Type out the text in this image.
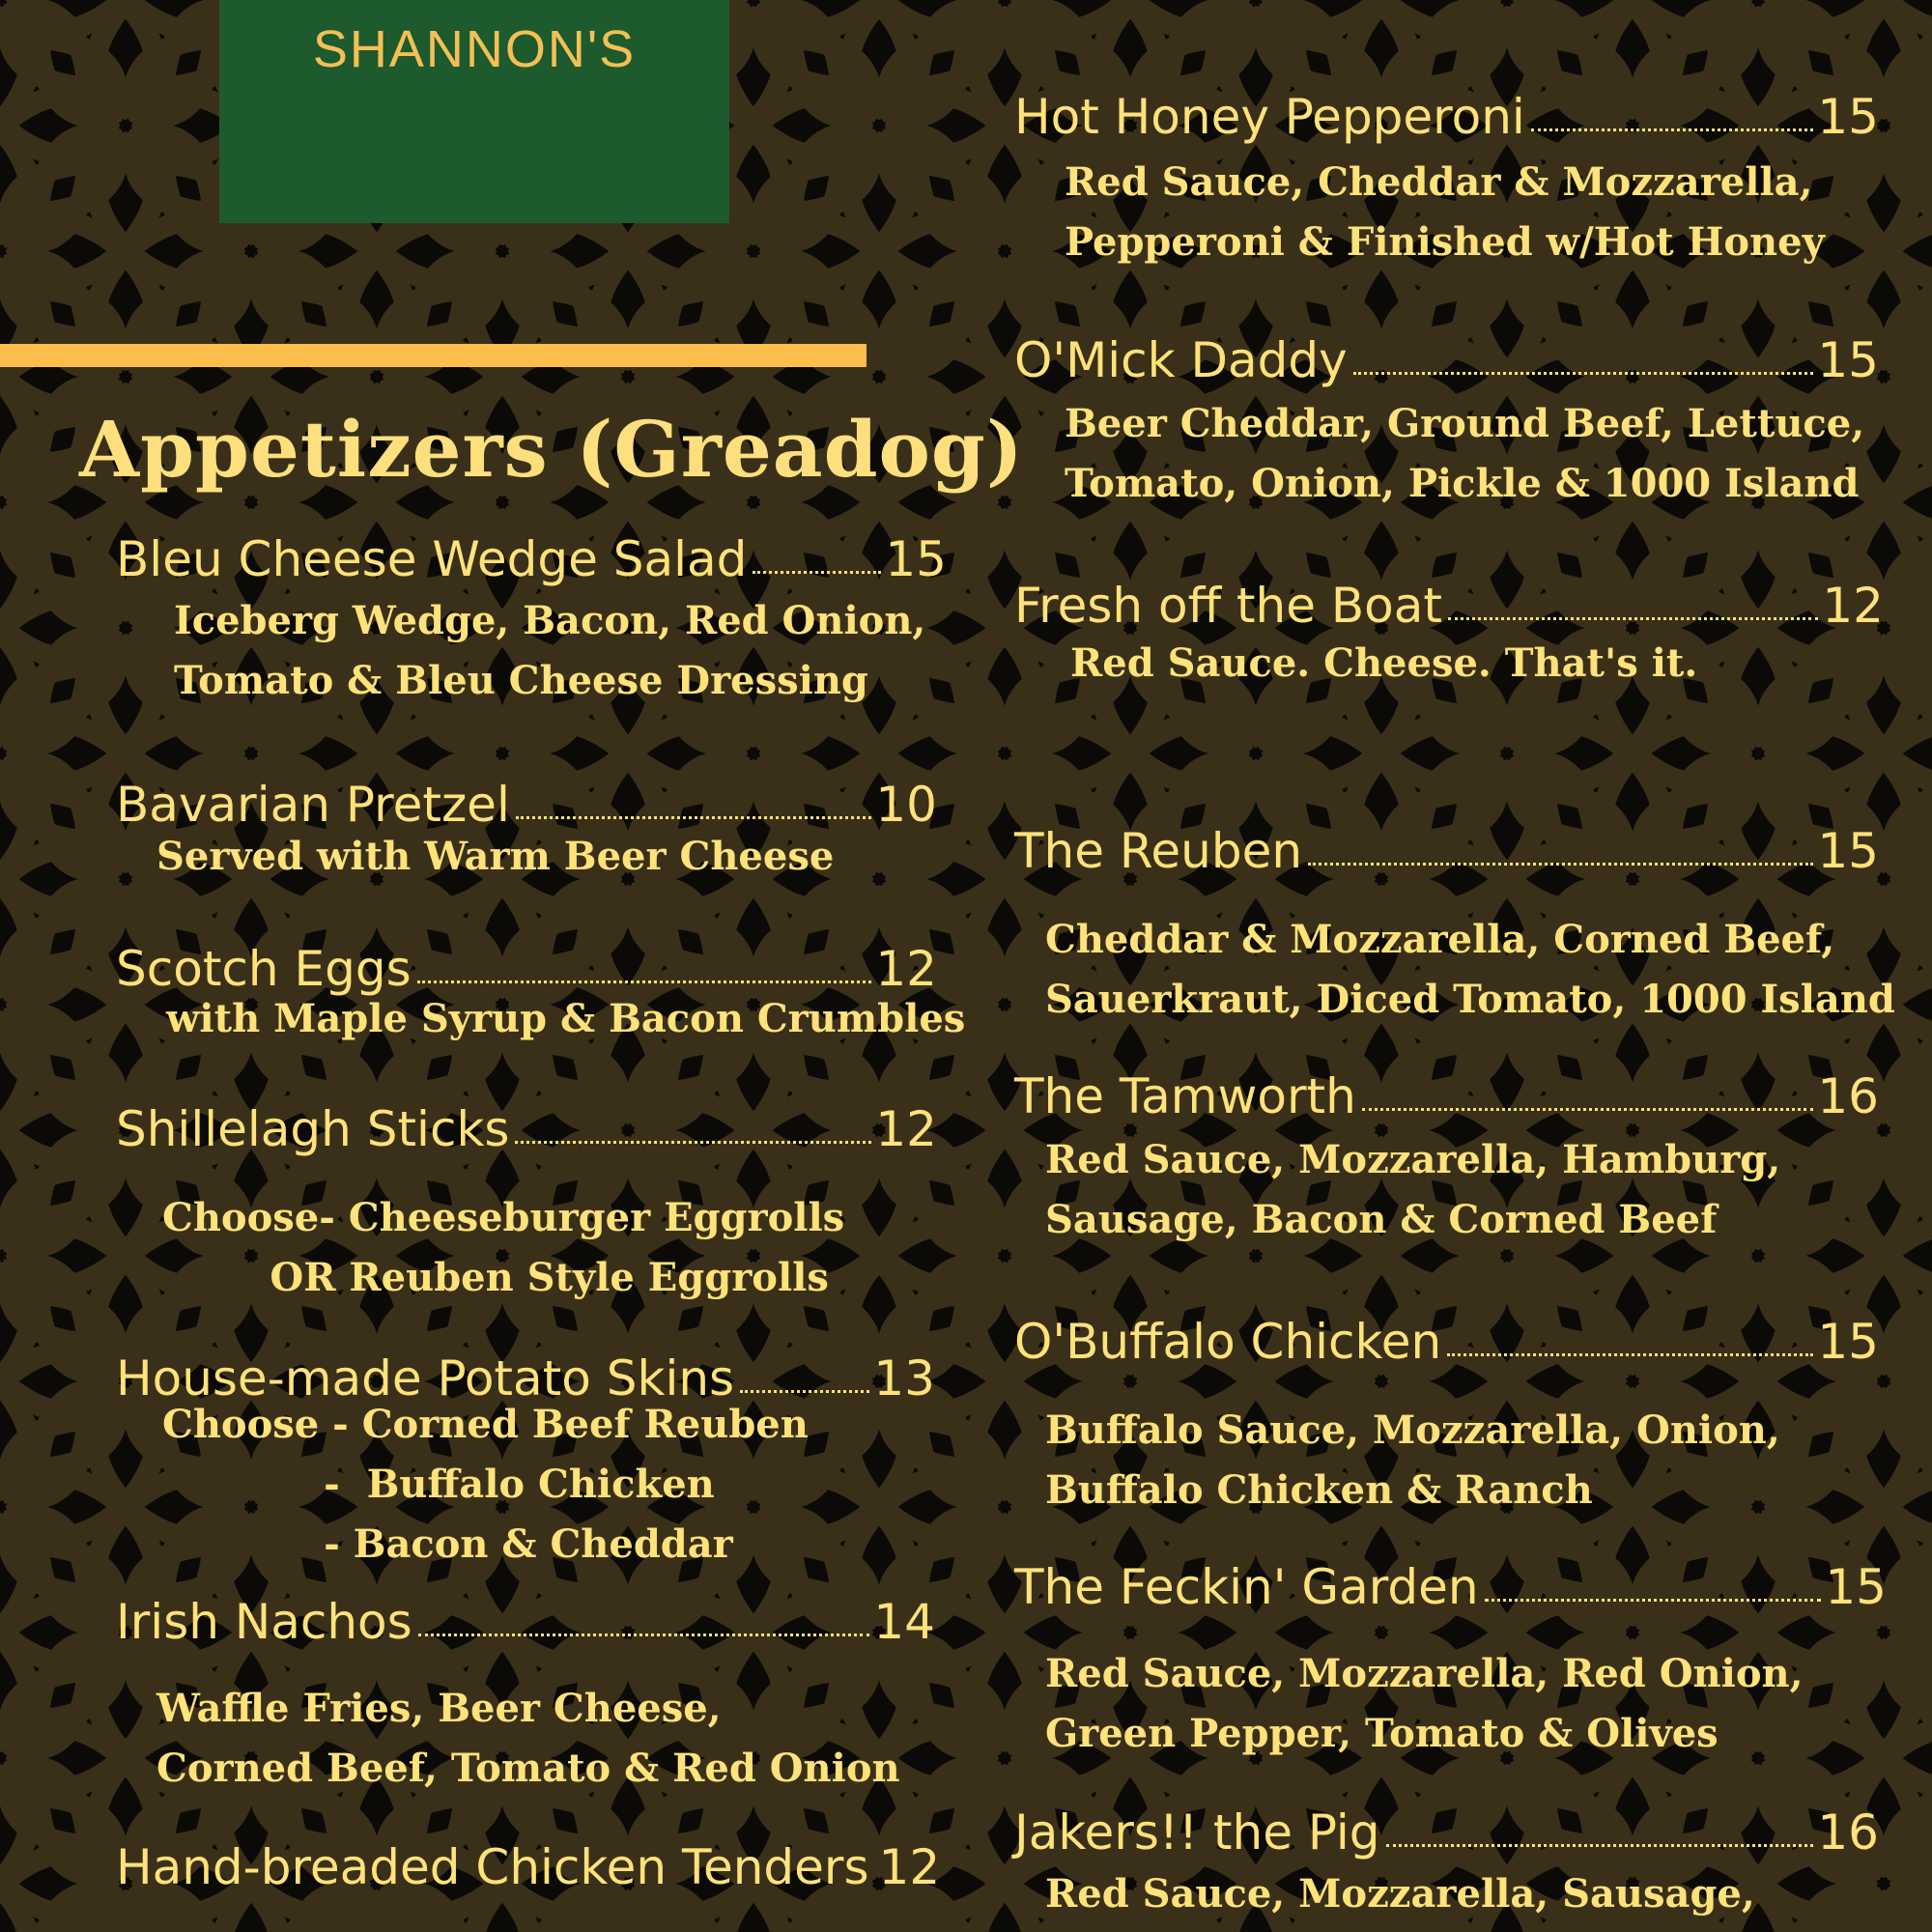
SHANNON'S
Appetizers (Greadog)
Bleu Cheese Wedge Salad	15
Iceberg Wedge, Bacon, Red Onion,
Tomato & Bleu Cheese Dressing
Bavarian Pretzel	10
Served with Warm Beer Cheese
Scotch Eggs	12
with Maple Syrup & Bacon Crumbles
Shillelagh Sticks	12
Choose- Cheeseburger Eggrolls
OR Reuben Style Eggrolls
House-made Potato Skins	13
Choose - Corned Beef Reuben
-  Buffalo Chicken
- Bacon & Cheddar
Irish Nachos	14
Waffle Fries, Beer Cheese,
Corned Beef, Tomato & Red Onion
Hand-breaded Chicken Tenders 12
Hot Honey Pepperoni	15
Red Sauce, Cheddar & Mozzarella,
Pepperoni & Finished w/Hot Honey
O'Mick Daddy	15
Beer Cheddar, Ground Beef, Lettuce,
Tomato, Onion, Pickle & 1000 Island
Fresh off the Boat	12
Red Sauce. Cheese. That's it.
The Reuben	15
Cheddar & Mozzarella, Corned Beef,
Sauerkraut, Diced Tomato, 1000 Island
The Tamworth	16
Red Sauce, Mozzarella, Hamburg,
Sausage, Bacon & Corned Beef
O'Buffalo Chicken	15
Buffalo Sauce, Mozzarella, Onion,
Buffalo Chicken & Ranch
The Feckin' Garden	15
Red Sauce, Mozzarella, Red Onion,
Green Pepper, Tomato & Olives
Jakers!! the Pig	16
Red Sauce, Mozzarella, Sausage,
